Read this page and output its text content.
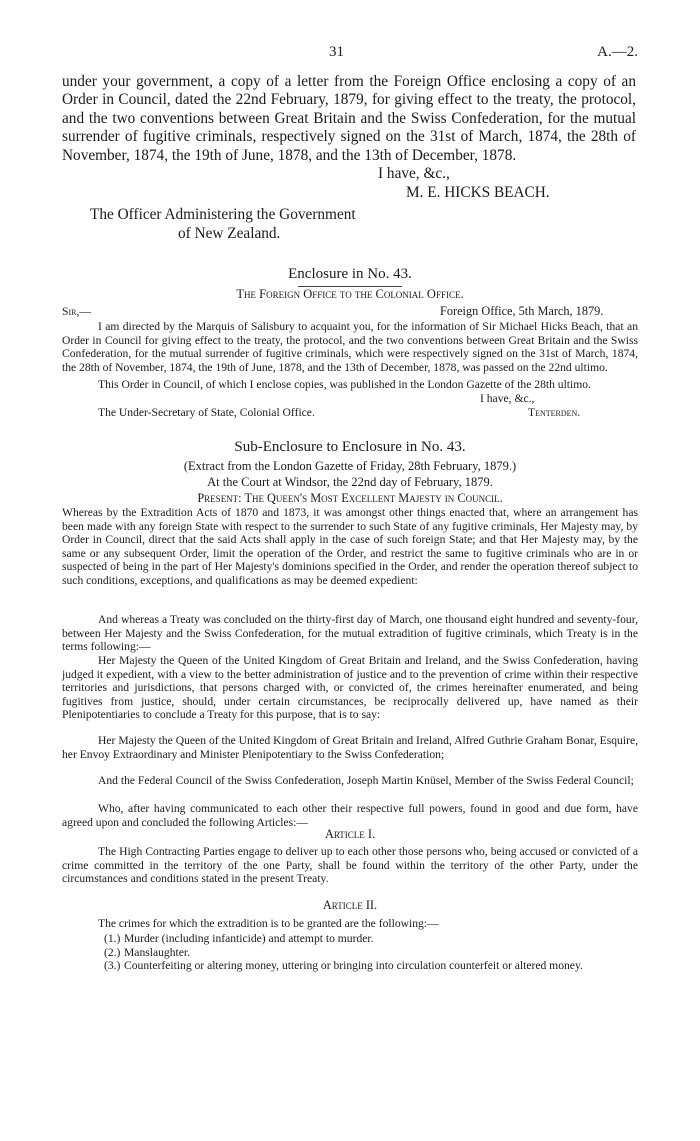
31	A.—2.

under your government, a copy of a letter from the Foreign Office enclosing a copy of an Order in Council, dated the 22nd February, 1879, for giving effect to the treaty, the protocol, and the two conventions between Great Britain and the Swiss Confederation, for the mutual surrender of fugitive criminals, respectively signed on the 31st of March, 1874, the 28th of November, 1874, the 19th of June, 1878, and the 13th of December, 1878.

I have, &c.,

M. E. HICKS BEACH.

The Officer Administering the Government

of New Zealand.

Enclosure in No. 43.

The Foreign Office to the Colonial Office.

Sir,—	Foreign Office, 5th March, 1879.

I am directed by the Marquis of Salisbury to acquaint you, for the information of Sir Michael Hicks Beach, that an Order in Council for giving effect to the treaty, the protocol, and the two conventions between Great Britain and the Swiss Confederation, for the mutual surrender of fugitive criminals, which were respectively signed on the 31st of March, 1874, the 28th of November, 1874, the 19th of June, 1878, and the 13th of December, 1878, was passed on the 22nd ultimo.

This Order in Council, of which I enclose copies, was published in the London Gazette of the 28th ultimo.

I have, &c.,

The Under-Secretary of State, Colonial Office.	Tenterden.

Sub-Enclosure to Enclosure in No. 43.

(Extract from the London Gazette of Friday, 28th February, 1879.)

At the Court at Windsor, the 22nd day of February, 1879.

Present: The Queen's Most Excellent Majesty in Council.

Whereas by the Extradition Acts of 1870 and 1873, it was amongst other things enacted that, where an arrangement has been made with any foreign State with respect to the surrender to such State of any fugitive criminals, Her Majesty may, by Order in Council, direct that the said Acts shall apply in the case of such foreign State; and that Her Majesty may, by the same or any subsequent Order, limit the operation of the Order, and restrict the same to fugitive criminals who are in or suspected of being in the part of Her Majesty's dominions specified in the Order, and render the operation thereof subject to such conditions, exceptions, and qualifications as may be deemed expedient:

And whereas a Treaty was concluded on the thirty-first day of March, one thousand eight hundred and seventy-four, between Her Majesty and the Swiss Confederation, for the mutual extradition of fugitive criminals, which Treaty is in the terms following:—

Her Majesty the Queen of the United Kingdom of Great Britain and Ireland, and the Swiss Confederation, having judged it expedient, with a view to the better administration of justice and to the prevention of crime within their respective territories and jurisdictions, that persons charged with, or convicted of, the crimes hereinafter enumerated, and being fugitives from justice, should, under certain circumstances, be reciprocally delivered up, have named as their Plenipotentiaries to conclude a Treaty for this purpose, that is to say:

Her Majesty the Queen of the United Kingdom of Great Britain and Ireland, Alfred Guthrie Graham Bonar, Esquire, her Envoy Extraordinary and Minister Plenipotentiary to the Swiss Confederation;

And the Federal Council of the Swiss Confederation, Joseph Martin Knüsel, Member of the Swiss Federal Council;

Who, after having communicated to each other their respective full powers, found in good and due form, have agreed upon and concluded the following Articles:—

Article I.

The High Contracting Parties engage to deliver up to each other those persons who, being accused or convicted of a crime committed in the territory of the one Party, shall be found within the territory of the other Party, under the circumstances and conditions stated in the present Treaty.

Article II.

The crimes for which the extradition is to be granted are the following:—

(1.) Murder (including infanticide) and attempt to murder.
(2.) Manslaughter.
(3.) Counterfeiting or altering money, uttering or bringing into circulation counterfeit or altered money.
